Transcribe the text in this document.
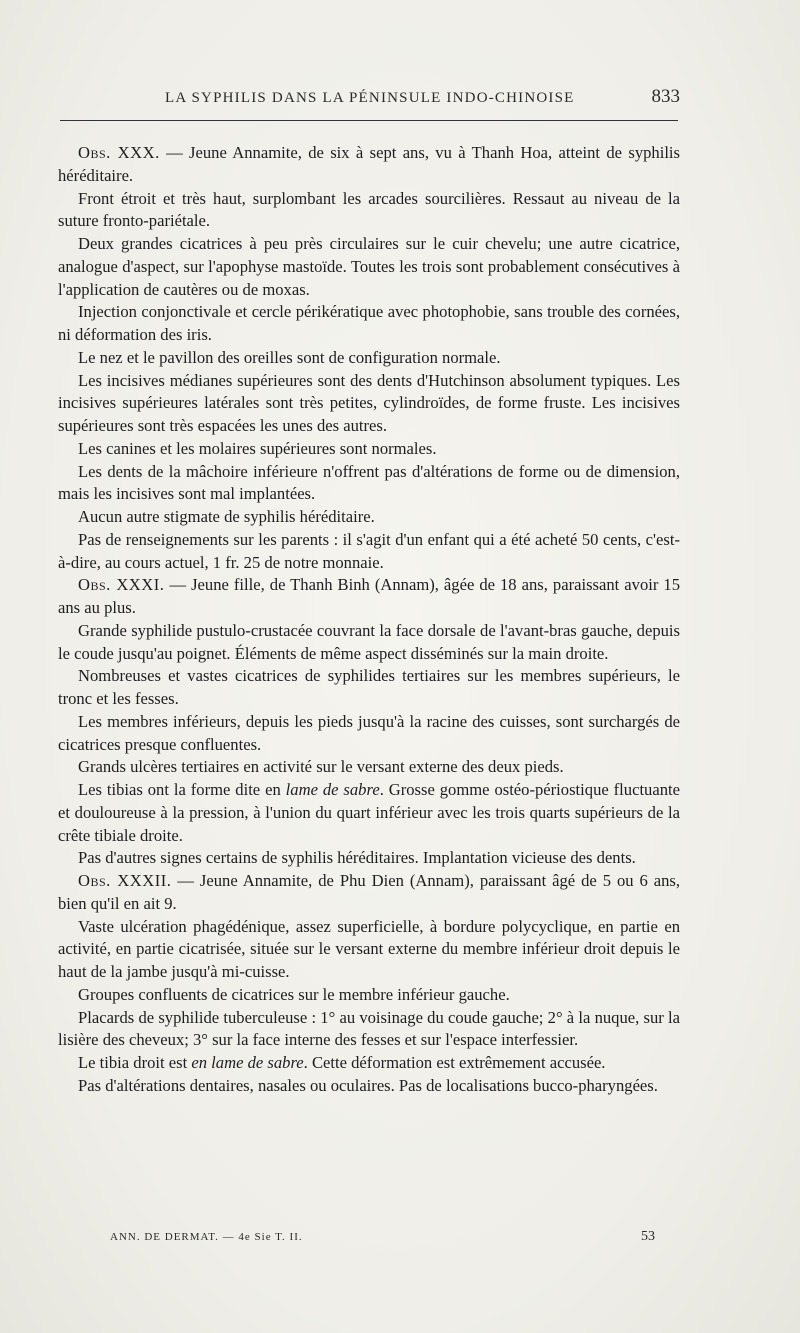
LA SYPHILIS DANS LA PÉNINSULE INDO-CHINOISE	833

Obs. XXX. — Jeune Annamite, de six à sept ans, vu à Thanh Hoa, atteint de syphilis héréditaire.

Front étroit et très haut, surplombant les arcades sourcilières. Ressaut au niveau de la suture fronto-pariétale.

Deux grandes cicatrices à peu près circulaires sur le cuir chevelu; une autre cicatrice, analogue d'aspect, sur l'apophyse mastoïde. Toutes les trois sont probablement consécutives à l'application de cautères ou de moxas.

Injection conjonctivale et cercle périkératique avec photophobie, sans trouble des cornées, ni déformation des iris.

Le nez et le pavillon des oreilles sont de configuration normale.

Les incisives médianes supérieures sont des dents d'Hutchinson absolument typiques. Les incisives supérieures latérales sont très petites, cylindroïdes, de forme fruste. Les incisives supérieures sont très espacées les unes des autres.

Les canines et les molaires supérieures sont normales.

Les dents de la mâchoire inférieure n'offrent pas d'altérations de forme ou de dimension, mais les incisives sont mal implantées.

Aucun autre stigmate de syphilis héréditaire.

Pas de renseignements sur les parents : il s'agit d'un enfant qui a été acheté 50 cents, c'est-à-dire, au cours actuel, 1 fr. 25 de notre monnaie.

Obs. XXXI. — Jeune fille, de Thanh Binh (Annam), âgée de 18 ans, paraissant avoir 15 ans au plus.

Grande syphilide pustulo-crustacée couvrant la face dorsale de l'avant-bras gauche, depuis le coude jusqu'au poignet. Éléments de même aspect disséminés sur la main droite.

Nombreuses et vastes cicatrices de syphilides tertiaires sur les membres supérieurs, le tronc et les fesses.

Les membres inférieurs, depuis les pieds jusqu'à la racine des cuisses, sont surchargés de cicatrices presque confluentes.

Grands ulcères tertiaires en activité sur le versant externe des deux pieds.

Les tibias ont la forme dite en lame de sabre. Grosse gomme ostéo-périostique fluctuante et douloureuse à la pression, à l'union du quart inférieur avec les trois quarts supérieurs de la crête tibiale droite.

Pas d'autres signes certains de syphilis héréditaires. Implantation vicieuse des dents.

Obs. XXXII. — Jeune Annamite, de Phu Dien (Annam), paraissant âgé de 5 ou 6 ans, bien qu'il en ait 9.

Vaste ulcération phagédénique, assez superficielle, à bordure polycyclique, en partie en activité, en partie cicatrisée, située sur le versant externe du membre inférieur droit depuis le haut de la jambe jusqu'à mi-cuisse.

Groupes confluents de cicatrices sur le membre inférieur gauche.

Placards de syphilide tuberculeuse : 1° au voisinage du coude gauche; 2° à la nuque, sur la lisière des cheveux; 3° sur la face interne des fesses et sur l'espace interfessier.

Le tibia droit est en lame de sabre. Cette déformation est extrêmement accusée.

Pas d'altérations dentaires, nasales ou oculaires. Pas de localisations bucco-pharyngées.

ANN. DE DERMAT. — 4e Sie T. II.	53
